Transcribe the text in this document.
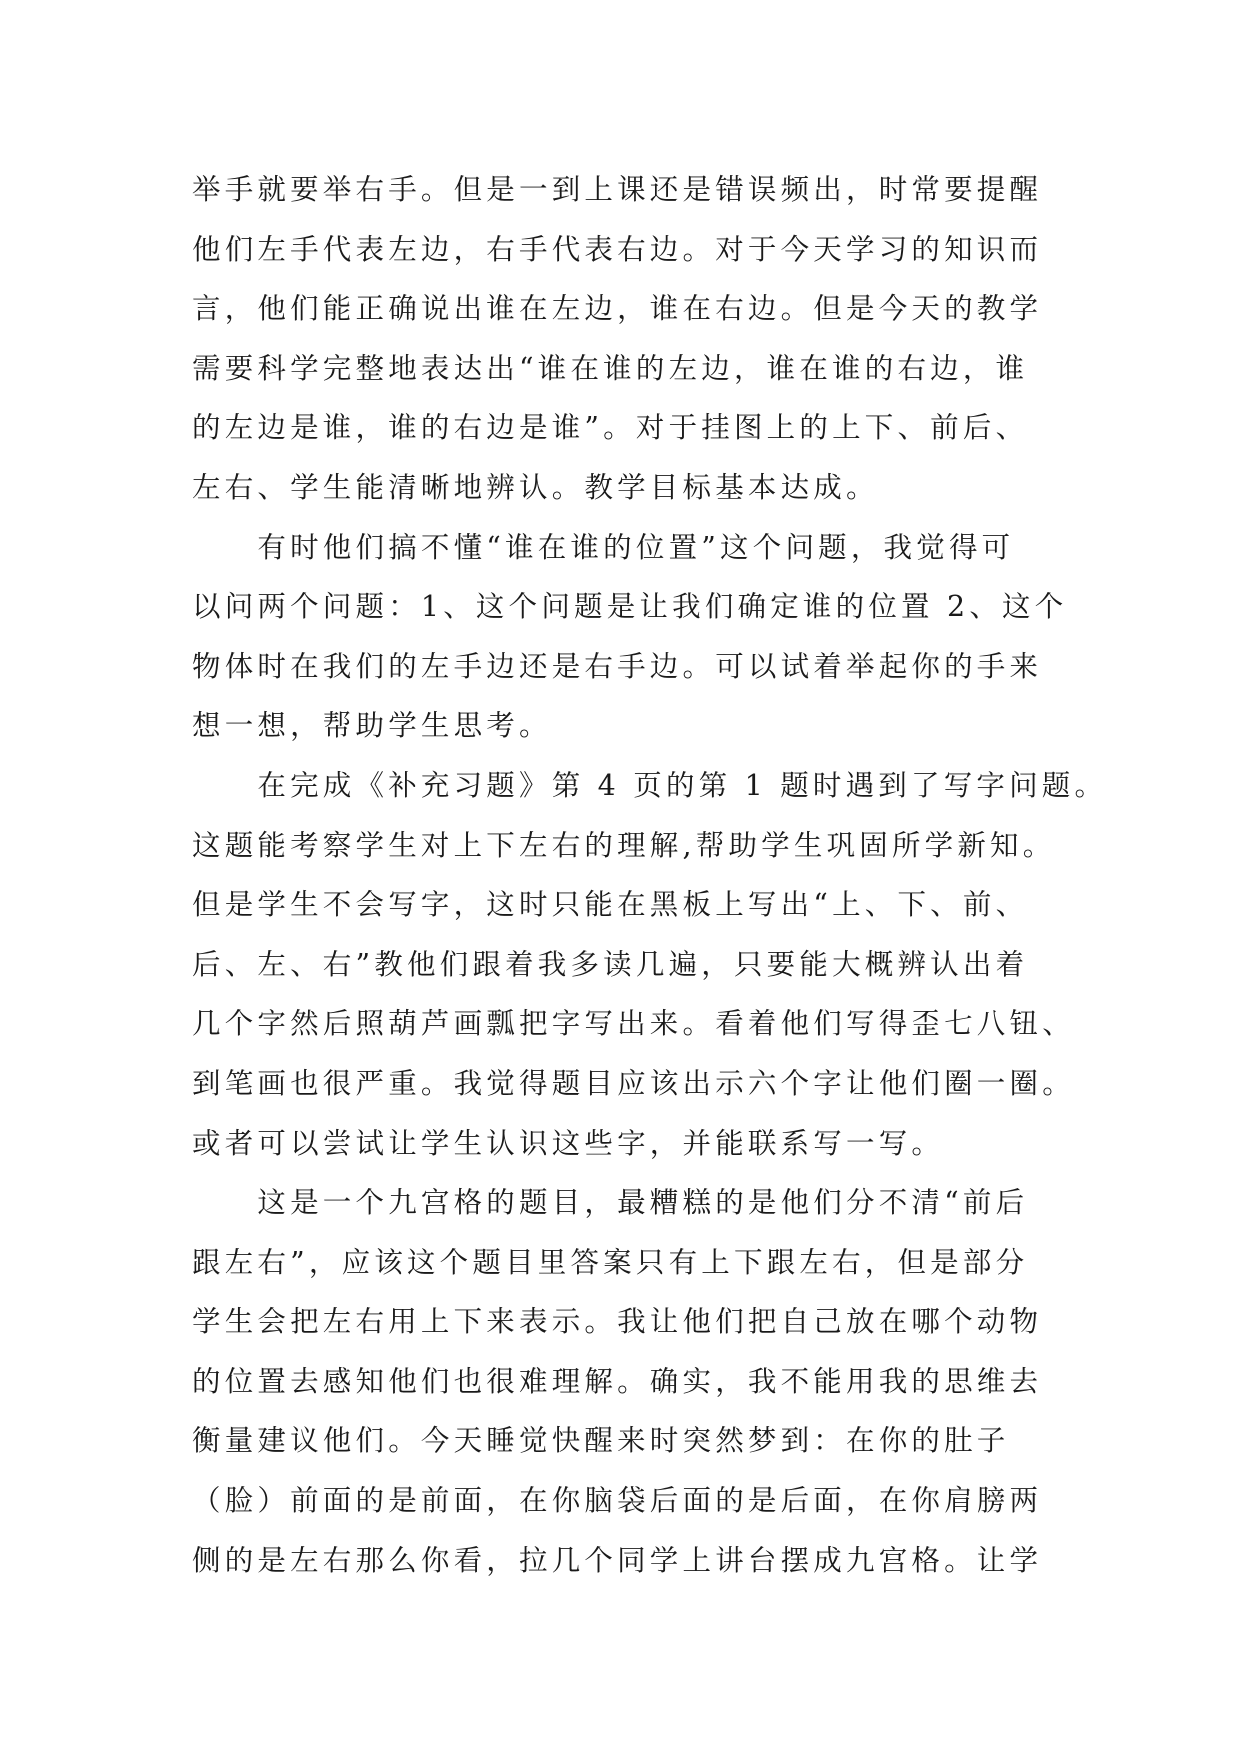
举手就要举右手。但是一到上课还是错误频出，时常要提醒
他们左手代表左边，右手代表右边。对于今天学习的知识而
言，他们能正确说出谁在左边，谁在右边。但是今天的教学
需要科学完整地表达出“谁在谁的左边，谁在谁的右边，谁
的左边是谁，谁的右边是谁”。对于挂图上的上下、前后、
左右、学生能清晰地辨认。教学目标基本达成。
　　有时他们搞不懂“谁在谁的位置”这个问题，我觉得可
以问两个问题：1、这个问题是让我们确定谁的位置 2、这个
物体时在我们的左手边还是右手边。可以试着举起你的手来
想一想，帮助学生思考。
　　在完成《补充习题》第 4 页的第 1 题时遇到了写字问题。
这题能考察学生对上下左右的理解,帮助学生巩固所学新知。
但是学生不会写字，这时只能在黑板上写出“上、下、前、
后、左、右”教他们跟着我多读几遍，只要能大概辨认出着
几个字然后照葫芦画瓢把字写出来。看着他们写得歪七八钮、
到笔画也很严重。我觉得题目应该出示六个字让他们圈一圈。
或者可以尝试让学生认识这些字，并能联系写一写。
　　这是一个九宫格的题目，最糟糕的是他们分不清“前后
跟左右”，应该这个题目里答案只有上下跟左右，但是部分
学生会把左右用上下来表示。我让他们把自己放在哪个动物
的位置去感知他们也很难理解。确实，我不能用我的思维去
衡量建议他们。今天睡觉快醒来时突然梦到：在你的肚子
（脸）前面的是前面，在你脑袋后面的是后面，在你肩膀两
侧的是左右那么你看，拉几个同学上讲台摆成九宫格。让学
